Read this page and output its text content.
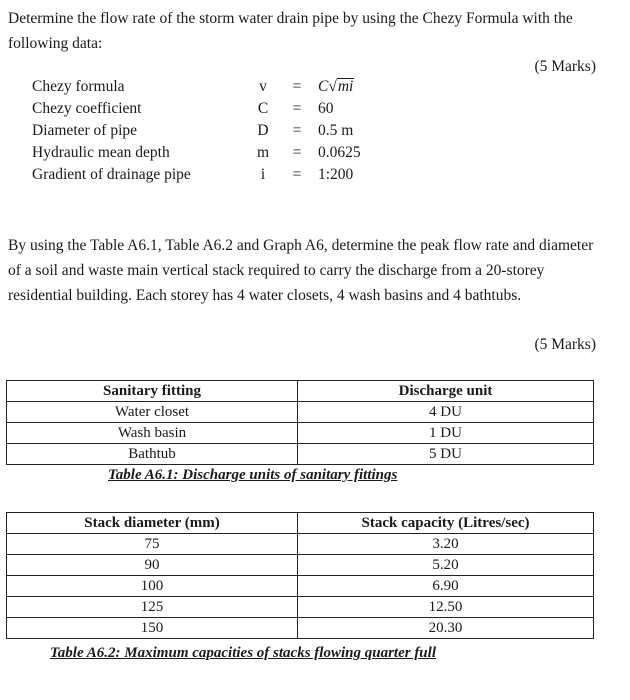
Determine the flow rate of the storm water drain pipe by using the Chezy Formula with the following data:
(5 Marks)
Chezy formula	v	=	C√mi
Chezy coefficient	C	=	60
Diameter of pipe	D	=	0.5 m
Hydraulic mean depth	m	=	0.0625
Gradient of drainage pipe	i	=	1:200
By using the Table A6.1, Table A6.2 and Graph A6, determine the peak flow rate and diameter of a soil and waste main vertical stack required to carry the discharge from a 20-storey residential building. Each storey has 4 water closets, 4 wash basins and 4 bathtubs.
(5 Marks)
Sanitary fitting	Discharge unit
Water closet	4 DU
Wash basin	1 DU
Bathtub	5 DU
Table A6.1: Discharge units of sanitary fittings
Stack diameter (mm)	Stack capacity (Litres/sec)
75	3.20
90	5.20
100	6.90
125	12.50
150	20.30
Table A6.2: Maximum capacities of stacks flowing quarter full
